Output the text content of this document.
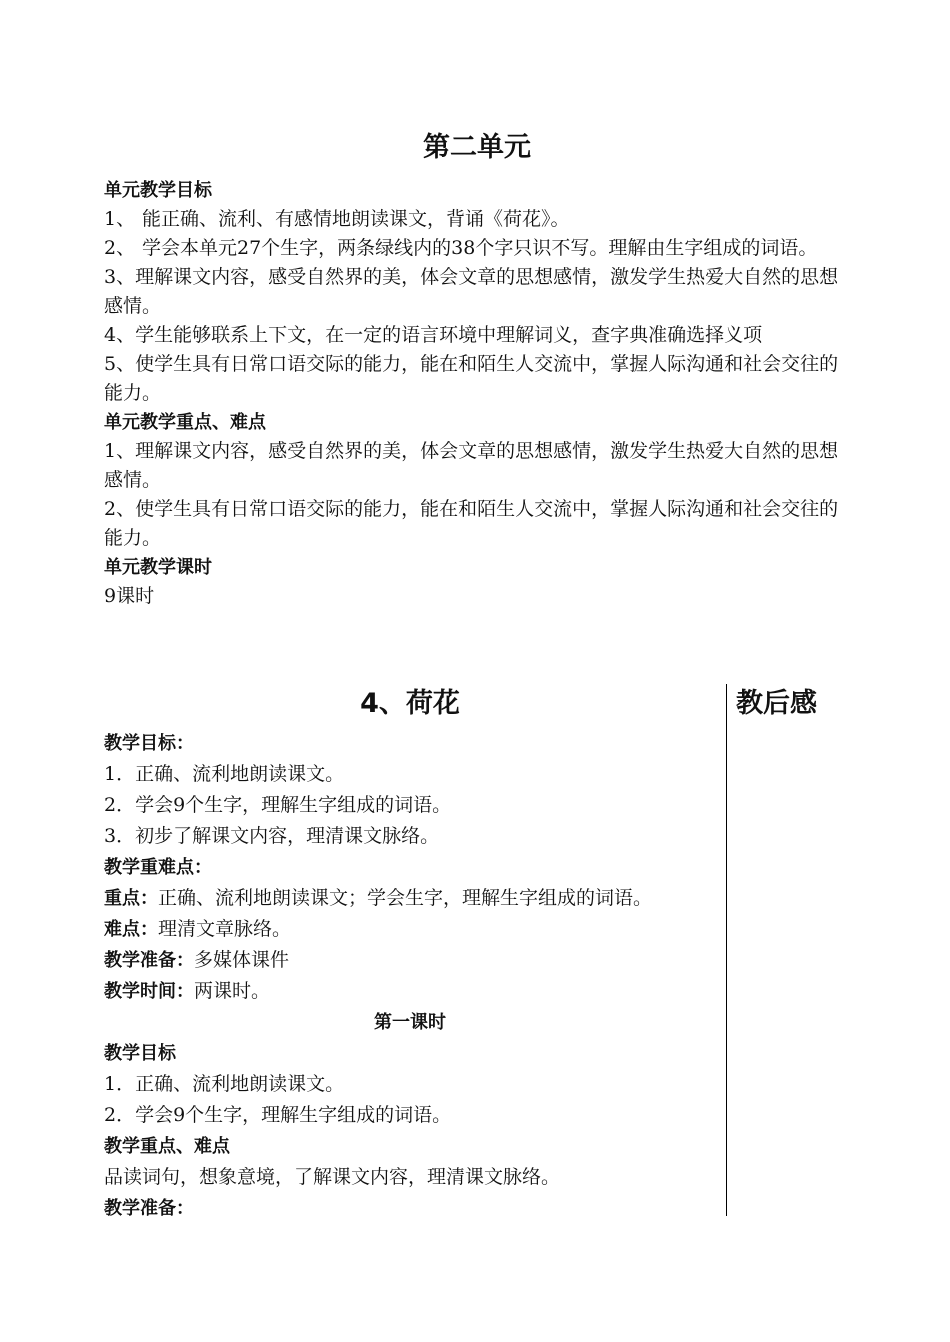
第二单元
单元教学目标
1、 能正确、流利、有感情地朗读课文，背诵《荷花》。
2、 学会本单元27个生字，两条绿线内的38个字只识不写。理解由生字组成的词语。
3、理解课文内容，感受自然界的美，体会文章的思想感情，激发学生热爱大自然的思想感情。
4、学生能够联系上下文，在一定的语言环境中理解词义，查字典准确选择义项
5、使学生具有日常口语交际的能力，能在和陌生人交流中，掌握人际沟通和社会交往的能力。
单元教学重点、难点
1、理解课文内容，感受自然界的美，体会文章的思想感情，激发学生热爱大自然的思想感情。
2、使学生具有日常口语交际的能力，能在和陌生人交流中，掌握人际沟通和社会交往的能力。
单元教学课时
9课时
4、荷花
教学目标：
1．正确、流利地朗读课文。
2．学会9个生字，理解生字组成的词语。
3．初步了解课文内容，理清课文脉络。
教学重难点：
重点：正确、流利地朗读课文；学会生字，理解生字组成的词语。
难点：理清文章脉络。
教学准备：多媒体课件
教学时间：两课时。
第一课时
教学目标
1．正确、流利地朗读课文。
2．学会9个生字，理解生字组成的词语。
教学重点、难点
品读词句，想象意境，了解课文内容，理清课文脉络。
教学准备：
教后感
